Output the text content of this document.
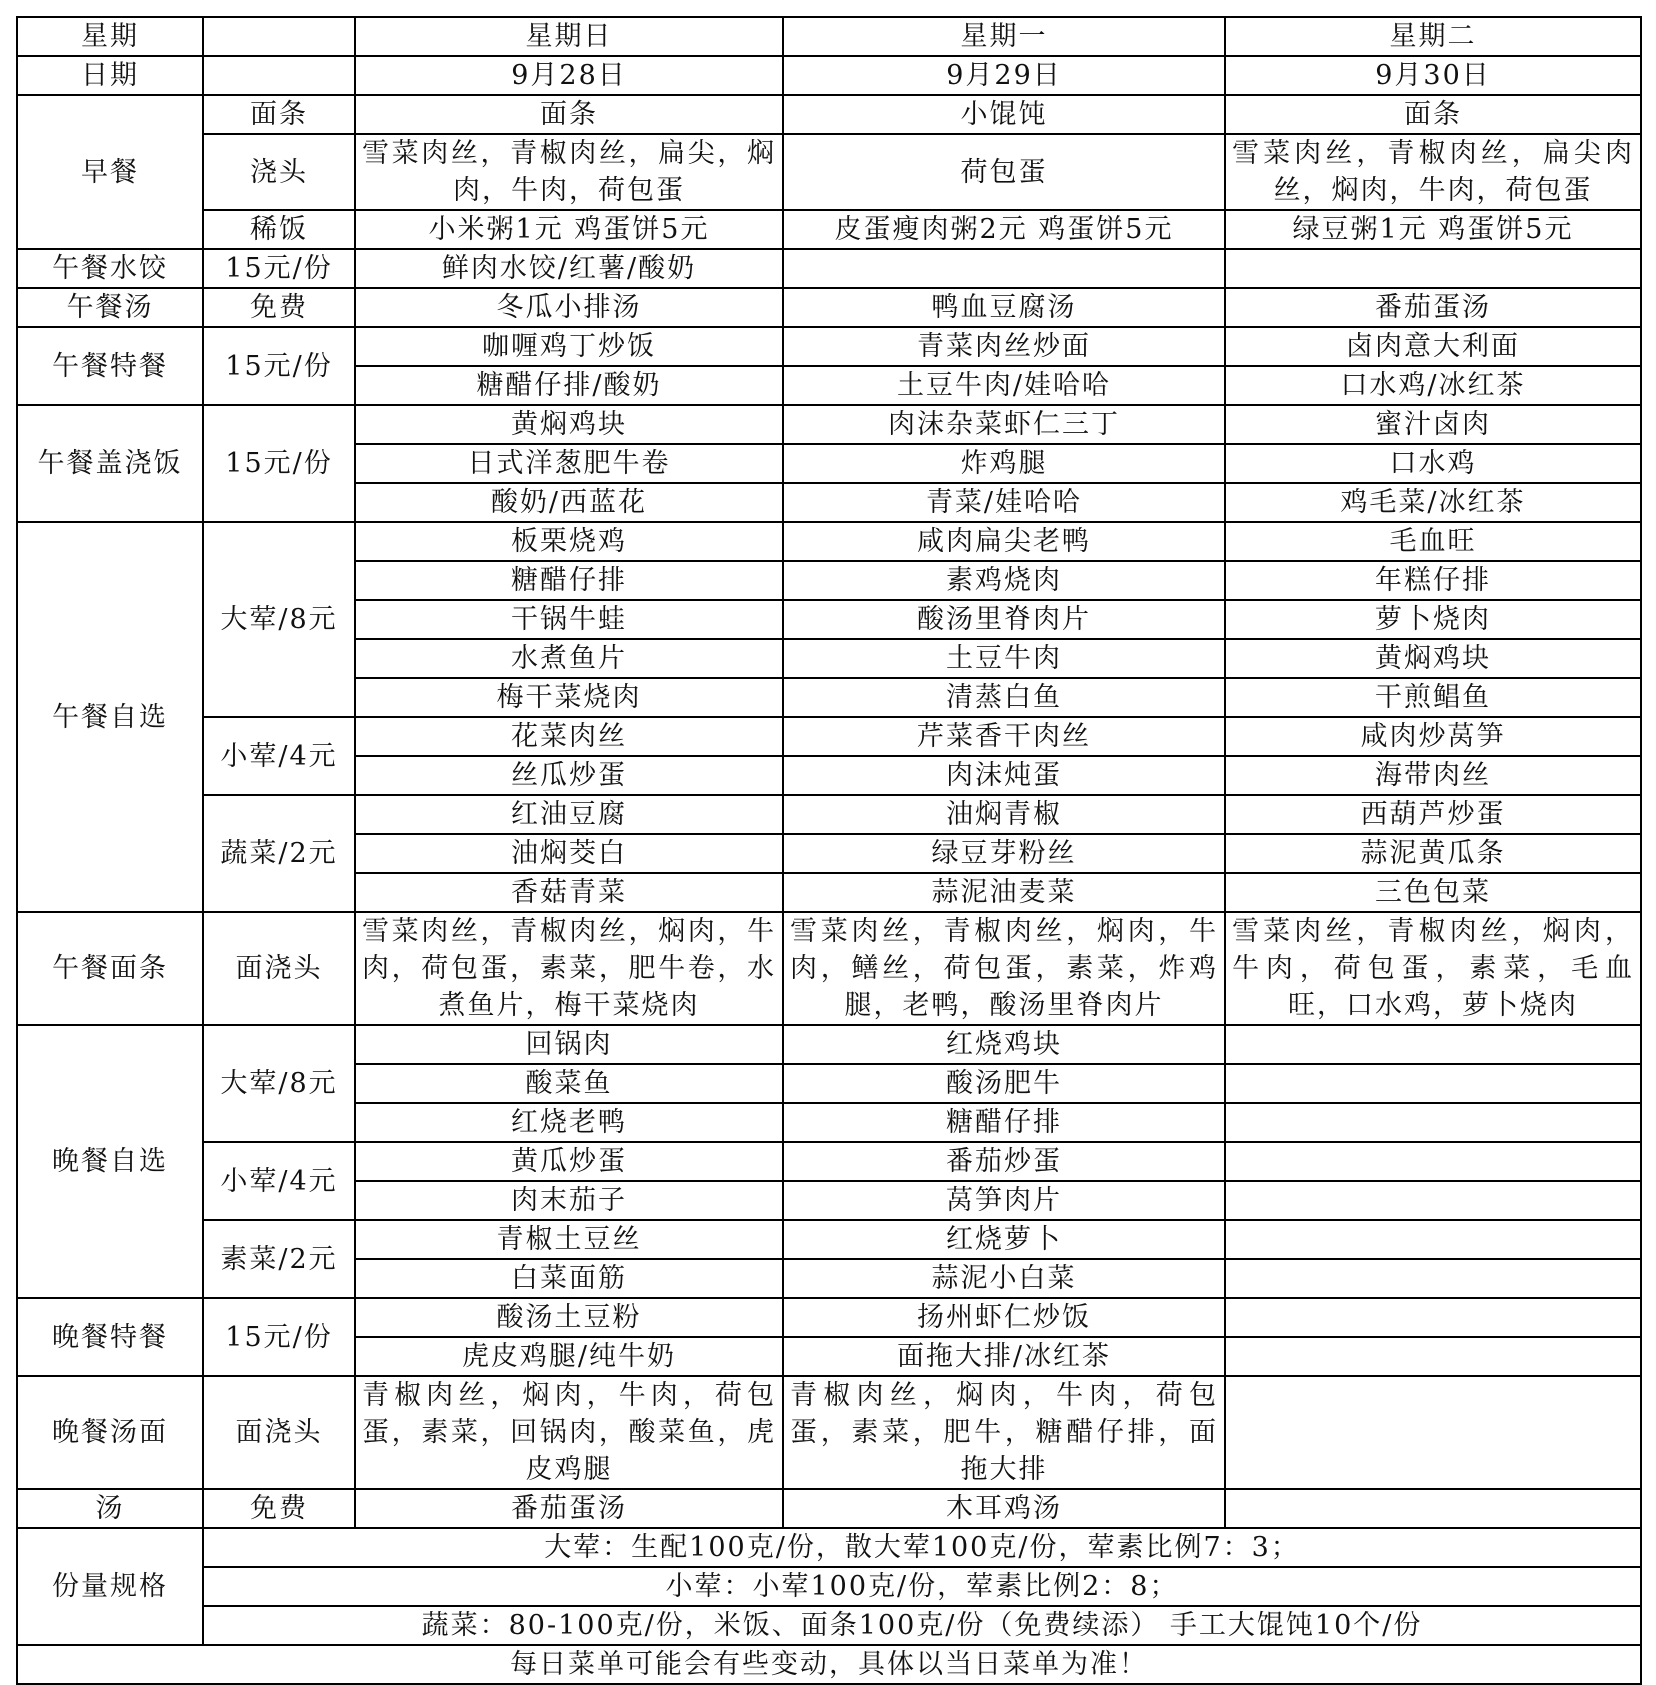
星期		星期日	星期一	星期二
日期		9月28日	9月29日	9月30日
早餐	面条	面条	小馄饨	面条
	浇头	雪菜肉丝，青椒肉丝，扁尖，焖肉，牛肉，荷包蛋	荷包蛋	雪菜肉丝，青椒肉丝，扁尖肉丝，焖肉，牛肉，荷包蛋

	稀饭	小米粥1元 鸡蛋饼5元	皮蛋瘦肉粥2元 鸡蛋饼5元	绿豆粥1元 鸡蛋饼5元
午餐水饺	15元/份	鲜肉水饺/红薯/酸奶		
午餐汤	免费	冬瓜小排汤	鸭血豆腐汤	番茄蛋汤
午餐特餐	15元/份	咖喱鸡丁炒饭	青菜肉丝炒面	卤肉意大利面
		糖醋仔排/酸奶	土豆牛肉/娃哈哈	口水鸡/冰红茶
午餐盖浇饭	15元/份	黄焖鸡块	肉沫杂菜虾仁三丁	蜜汁卤肉
		日式洋葱肥牛卷	炸鸡腿	口水鸡
		酸奶/西蓝花	青菜/娃哈哈	鸡毛菜/冰红茶
午餐自选	大荤/8元	板栗烧鸡	咸肉扁尖老鸭	毛血旺
		糖醋仔排	素鸡烧肉	年糕仔排
		干锅牛蛙	酸汤里脊肉片	萝卜烧肉
		水煮鱼片	土豆牛肉	黄焖鸡块
		梅干菜烧肉	清蒸白鱼	干煎鲳鱼
	小荤/4元	花菜肉丝	芹菜香干肉丝	咸肉炒莴笋
		丝瓜炒蛋	肉沫炖蛋	海带肉丝
	蔬菜/2元	红油豆腐	油焖青椒	西葫芦炒蛋
		油焖茭白	绿豆芽粉丝	蒜泥黄瓜条
		香菇青菜	蒜泥油麦菜	三色包菜
午餐面条	面浇头	雪菜肉丝，青椒肉丝，焖肉，牛肉，荷包蛋，素菜，肥牛卷，水煮鱼片，梅干菜烧肉	雪菜肉丝，青椒肉丝，焖肉，牛肉，鳝丝，荷包蛋，素菜，炸鸡腿，老鸭，酸汤里脊肉片	雪菜肉丝，青椒肉丝，焖肉，牛肉，荷包蛋，素菜，毛血旺，口水鸡，萝卜烧肉

晚餐自选	大荤/8元	回锅肉	红烧鸡块	
		酸菜鱼	酸汤肥牛	
		红烧老鸭	糖醋仔排	
	小荤/4元	黄瓜炒蛋	番茄炒蛋	
		肉末茄子	莴笋肉片	
	素菜/2元	青椒土豆丝	红烧萝卜	
		白菜面筋	蒜泥小白菜	
晚餐特餐	15元/份	酸汤土豆粉	扬州虾仁炒饭	
		虎皮鸡腿/纯牛奶	面拖大排/冰红茶	
晚餐汤面	面浇头	青椒肉丝，焖肉，牛肉，荷包蛋，素菜，回锅肉，酸菜鱼，虎皮鸡腿	青椒肉丝，焖肉，牛肉，荷包蛋，素菜，肥牛，糖醋仔排，面拖大排	

汤	免费	番茄蛋汤	木耳鸡汤	
份量规格	大荤：生配100克/份，散大荤100克/份，荤素比例7：3；			
	小荤：小荤100克/份，荤素比例2：8；			
	蔬菜：80-100克/份，米饭、面条100克/份（免费续添） 手工大馄饨10个/份			
每日菜单可能会有些变动，具体以当日菜单为准！				
